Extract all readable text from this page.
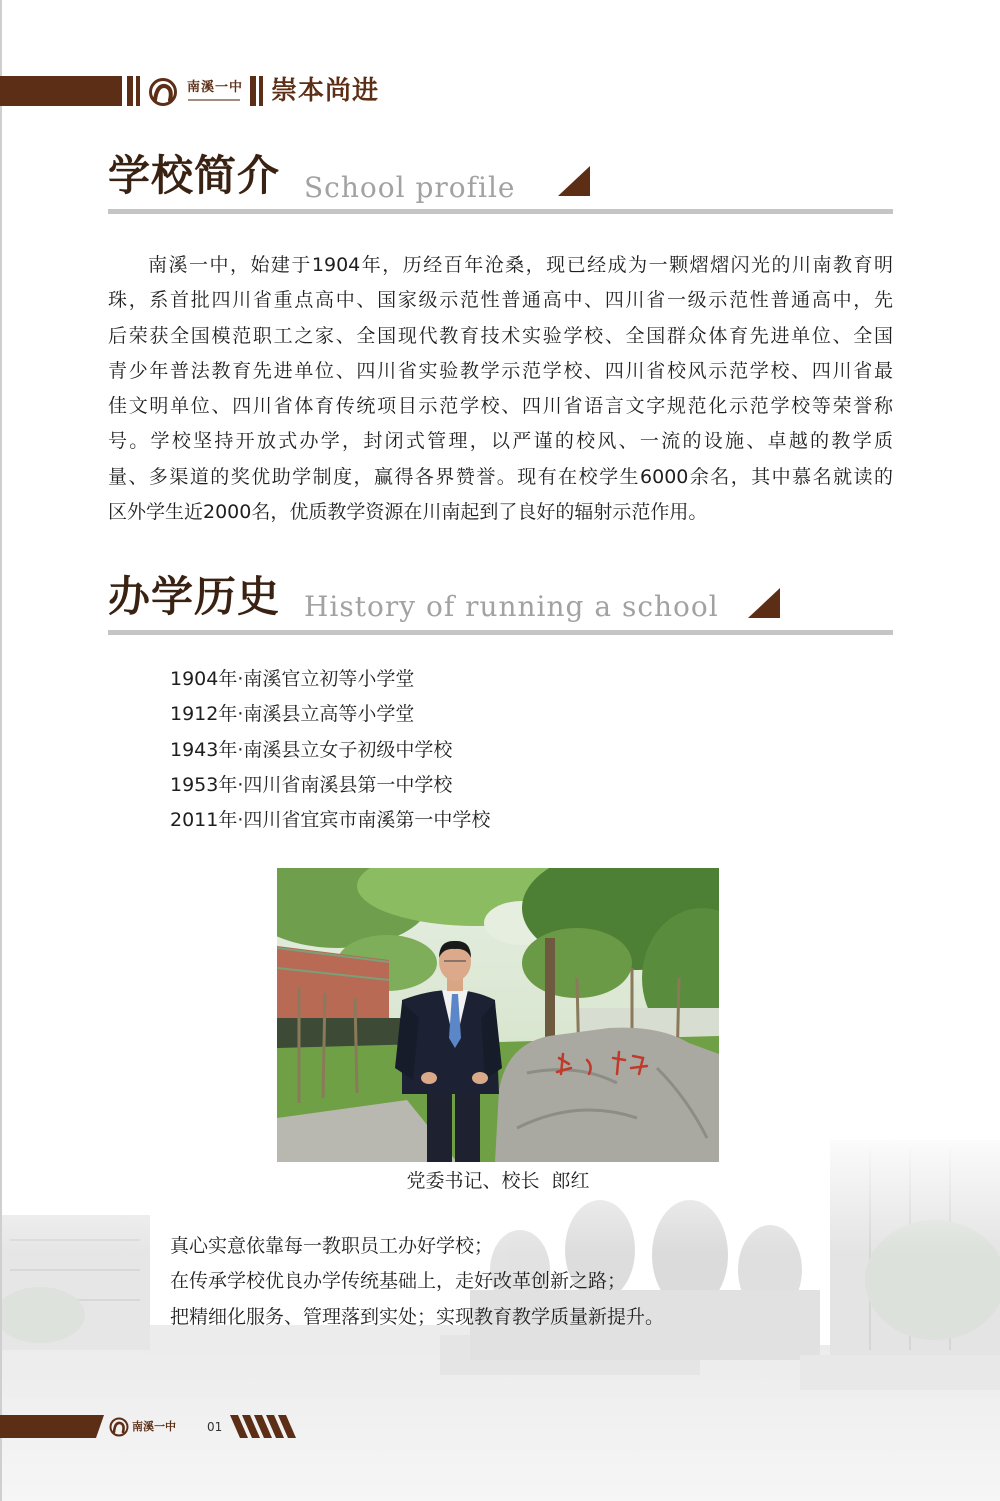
南溪一中 崇本尚进
学校简介 School profile
南溪一中，始建于1904年，历经百年沧桑，现已经成为一颗熠熠闪光的川南教育明
珠，系首批四川省重点高中、国家级示范性普通高中、四川省一级示范性普通高中，先
后荣获全国模范职工之家、全国现代教育技术实验学校、全国群众体育先进单位、全国
青少年普法教育先进单位、四川省实验教学示范学校、四川省校风示范学校、四川省最
佳文明单位、四川省体育传统项目示范学校、四川省语言文字规范化示范学校等荣誉称
号。学校坚持开放式办学，封闭式管理，以严谨的校风、一流的设施、卓越的教学质
量、多渠道的奖优助学制度，赢得各界赞誉。现有在校学生6000余名，其中慕名就读的
区外学生近2000名，优质教学资源在川南起到了良好的辐射示范作用。
办学历史 History of running a school
1904年·南溪官立初等小学堂
1912年·南溪县立高等小学堂
1943年·南溪县立女子初级中学校
1953年·四川省南溪县第一中学校
2011年·四川省宜宾市南溪第一中学校
党委书记、校长  郎红
真心实意依靠每一教职员工办好学校；
在传承学校优良办学传统基础上，走好改革创新之路；
把精细化服务、管理落到实处；实现教育教学质量新提升。
南溪一中	01
